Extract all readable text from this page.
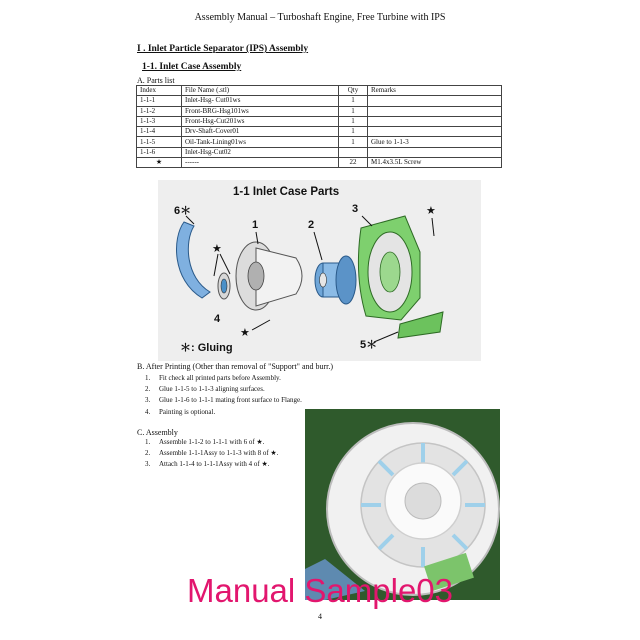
Assembly Manual – Turboshaft Engine, Free Turbine with IPS
I . Inlet Particle Separator (IPS) Assembly
1-1. Inlet Case Assembly
A. Parts list
Index	File Name (.stl)	Qty	Remarks
1-1-1	Inlet-Hsg- Cut01ws	1	
1-1-2	Front-BRG-Hsg101ws	1	
1-1-3	Front-Hsg-Cut201ws	1	
1-1-4	Drv-Shaft-Cover01	1	
1-1-5	Oil-Tank-Lining01ws	1	Glue to 1-1-3
1-1-6	Inlet-Hsg-Cut02		
★	------	22	M1.4x3.5L Screw
1-1 Inlet Case Parts
6＊
1	2
3	★
★
4
★
5＊
＊: Gluing
B. After Printing (Other than removal of "Support" and burr.)
1. Fit check all printed parts before Assembly.
2. Glue 1-1-5 to 1-1-3 aligning surfaces.
3. Glue 1-1-6 to 1-1-1 mating front surface to Flange.
4. Painting is optional.
C. Assembly
1. Assemble 1-1-2 to 1-1-1 with 6 of ★.
2. Assemble 1-1-1Assy to 1-1-3 with 8 of ★.
3. Attach 1-1-4 to 1-1-1Assy with 4 of ★.
Manual Sample03
4
